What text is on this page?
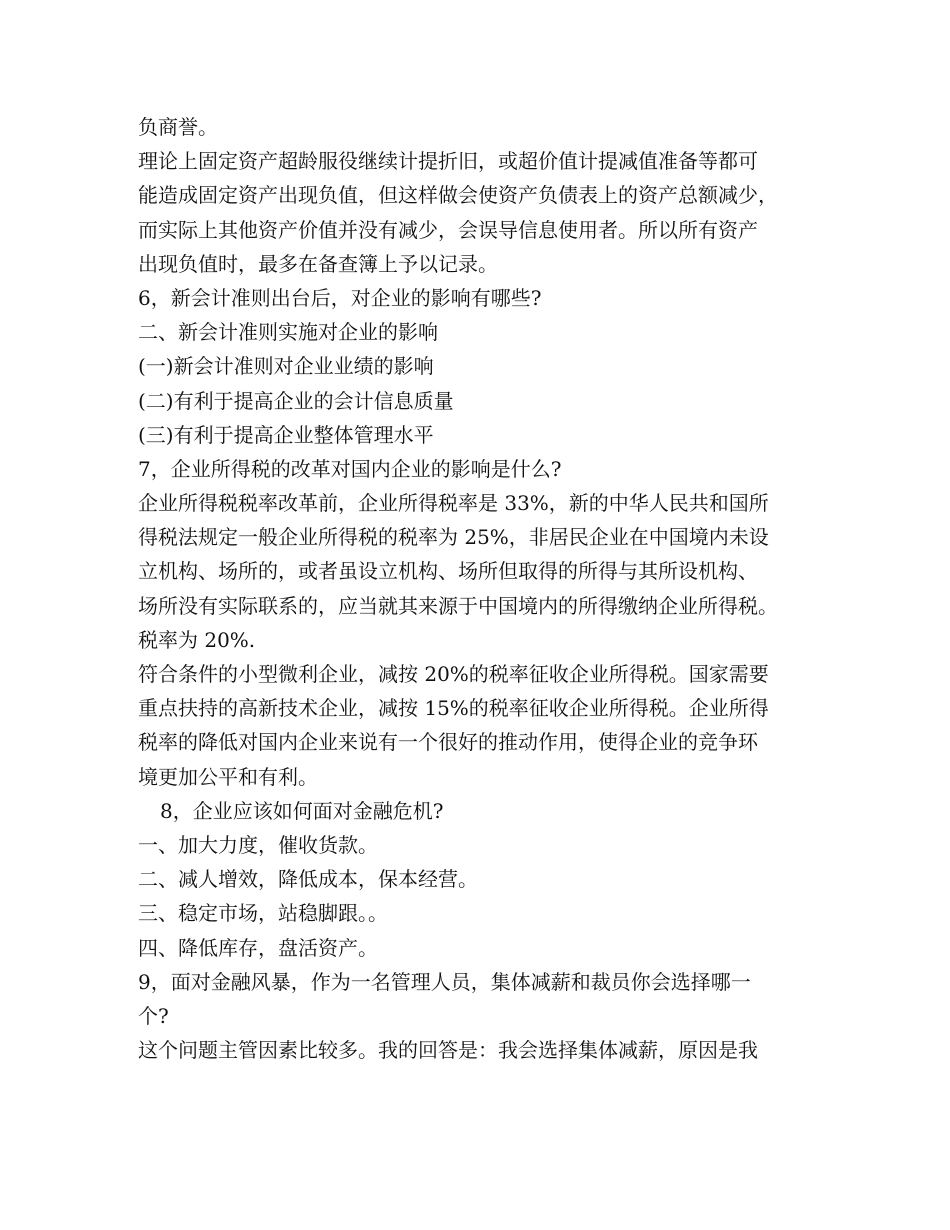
负商誉。
理论上固定资产超龄服役继续计提折旧，或超价值计提减值准备等都可
能造成固定资产出现负值，但这样做会使资产负债表上的资产总额减少，
而实际上其他资产价值并没有减少，会误导信息使用者。所以所有资产
出现负值时，最多在备查簿上予以记录。
6，新会计准则出台后，对企业的影响有哪些?
二、新会计准则实施对企业的影响
(一)新会计准则对企业业绩的影响
(二)有利于提高企业的会计信息质量
(三)有利于提高企业整体管理水平
7，企业所得税的改革对国内企业的影响是什么?
企业所得税税率改革前，企业所得税率是 33%，新的中华人民共和国所
得税法规定一般企业所得税的税率为 25%，非居民企业在中国境内未设
立机构、场所的，或者虽设立机构、场所但取得的所得与其所设机构、
场所没有实际联系的，应当就其来源于中国境内的所得缴纳企业所得税。
税率为 20%.
符合条件的小型微利企业，减按 20%的税率征收企业所得税。国家需要
重点扶持的高新技术企业，减按 15%的税率征收企业所得税。企业所得
税率的降低对国内企业来说有一个很好的推动作用，使得企业的竞争环
境更加公平和有利。
8，企业应该如何面对金融危机?
一、加大力度，催收货款。
二、减人增效，降低成本，保本经营。
三、稳定市场，站稳脚跟。。
四、降低库存，盘活资产。
9，面对金融风暴，作为一名管理人员，集体减薪和裁员你会选择哪一
个?
这个问题主管因素比较多。我的回答是：我会选择集体减薪，原因是我
